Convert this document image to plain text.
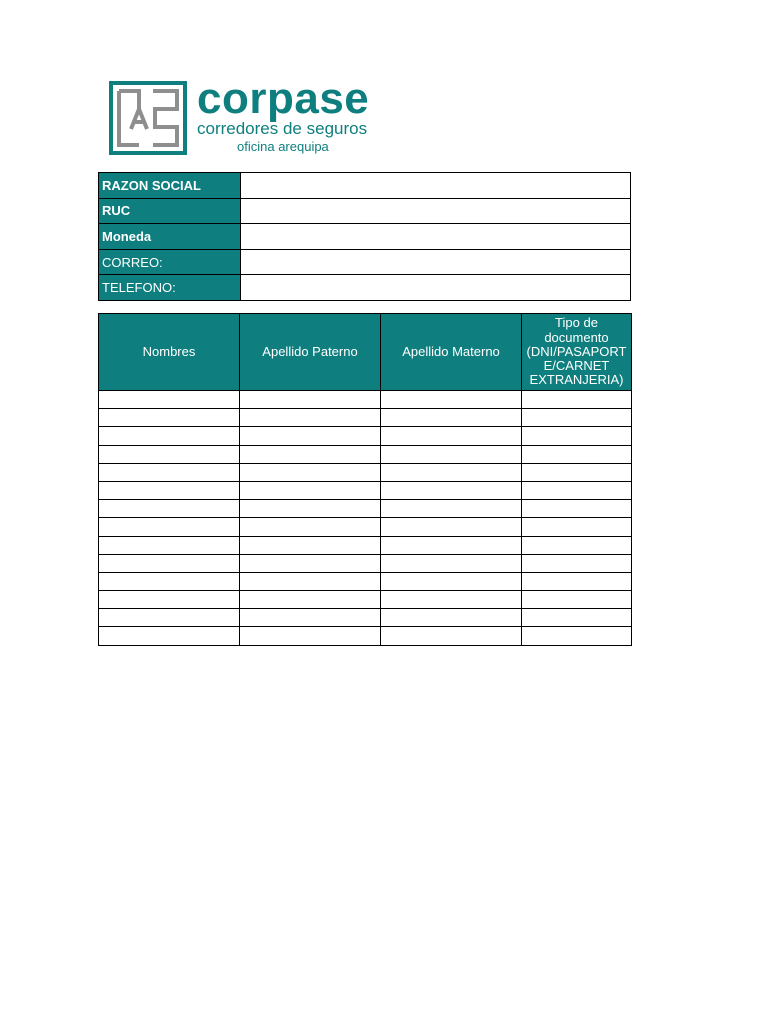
corpase
corredores de seguros
oficina arequipa
RAZON SOCIAL	
RUC	
Moneda	
CORREO:	
TELEFONO:	
Nombres	Apellido Paterno	Apellido Materno	Tipo de
documento
(DNI/PASAPORT
E/CARNET
EXTRANJERIA)
